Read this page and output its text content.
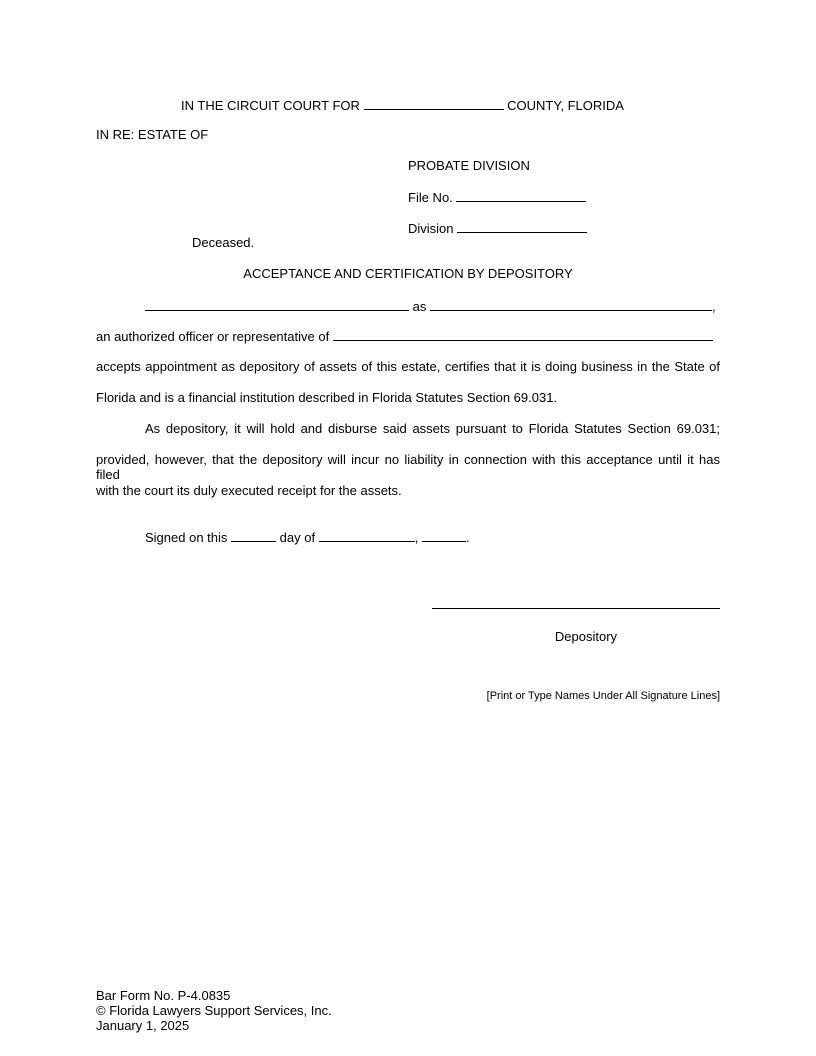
IN THE CIRCUIT COURT FOR	COUNTY, FLORIDA
IN RE: ESTATE OF
PROBATE DIVISION
File No.
Division
Deceased.
ACCEPTANCE AND CERTIFICATION BY DEPOSITORY
as	,
an authorized officer or representative of
accepts appointment as depository of assets of this estate, certifies that it is doing business in the State of
Florida and is a financial institution described in Florida Statutes Section 69.031.
As depository, it will hold and disburse said assets pursuant to Florida Statutes Section 69.031;
provided, however, that the depository will incur no liability in connection with this acceptance until it has filed
with the court its duly executed receipt for the assets.
Signed on this	day of	,	.
Depository
[Print or Type Names Under All Signature Lines]
Bar Form No. P-4.0835
© Florida Lawyers Support Services, Inc.
January 1, 2025
